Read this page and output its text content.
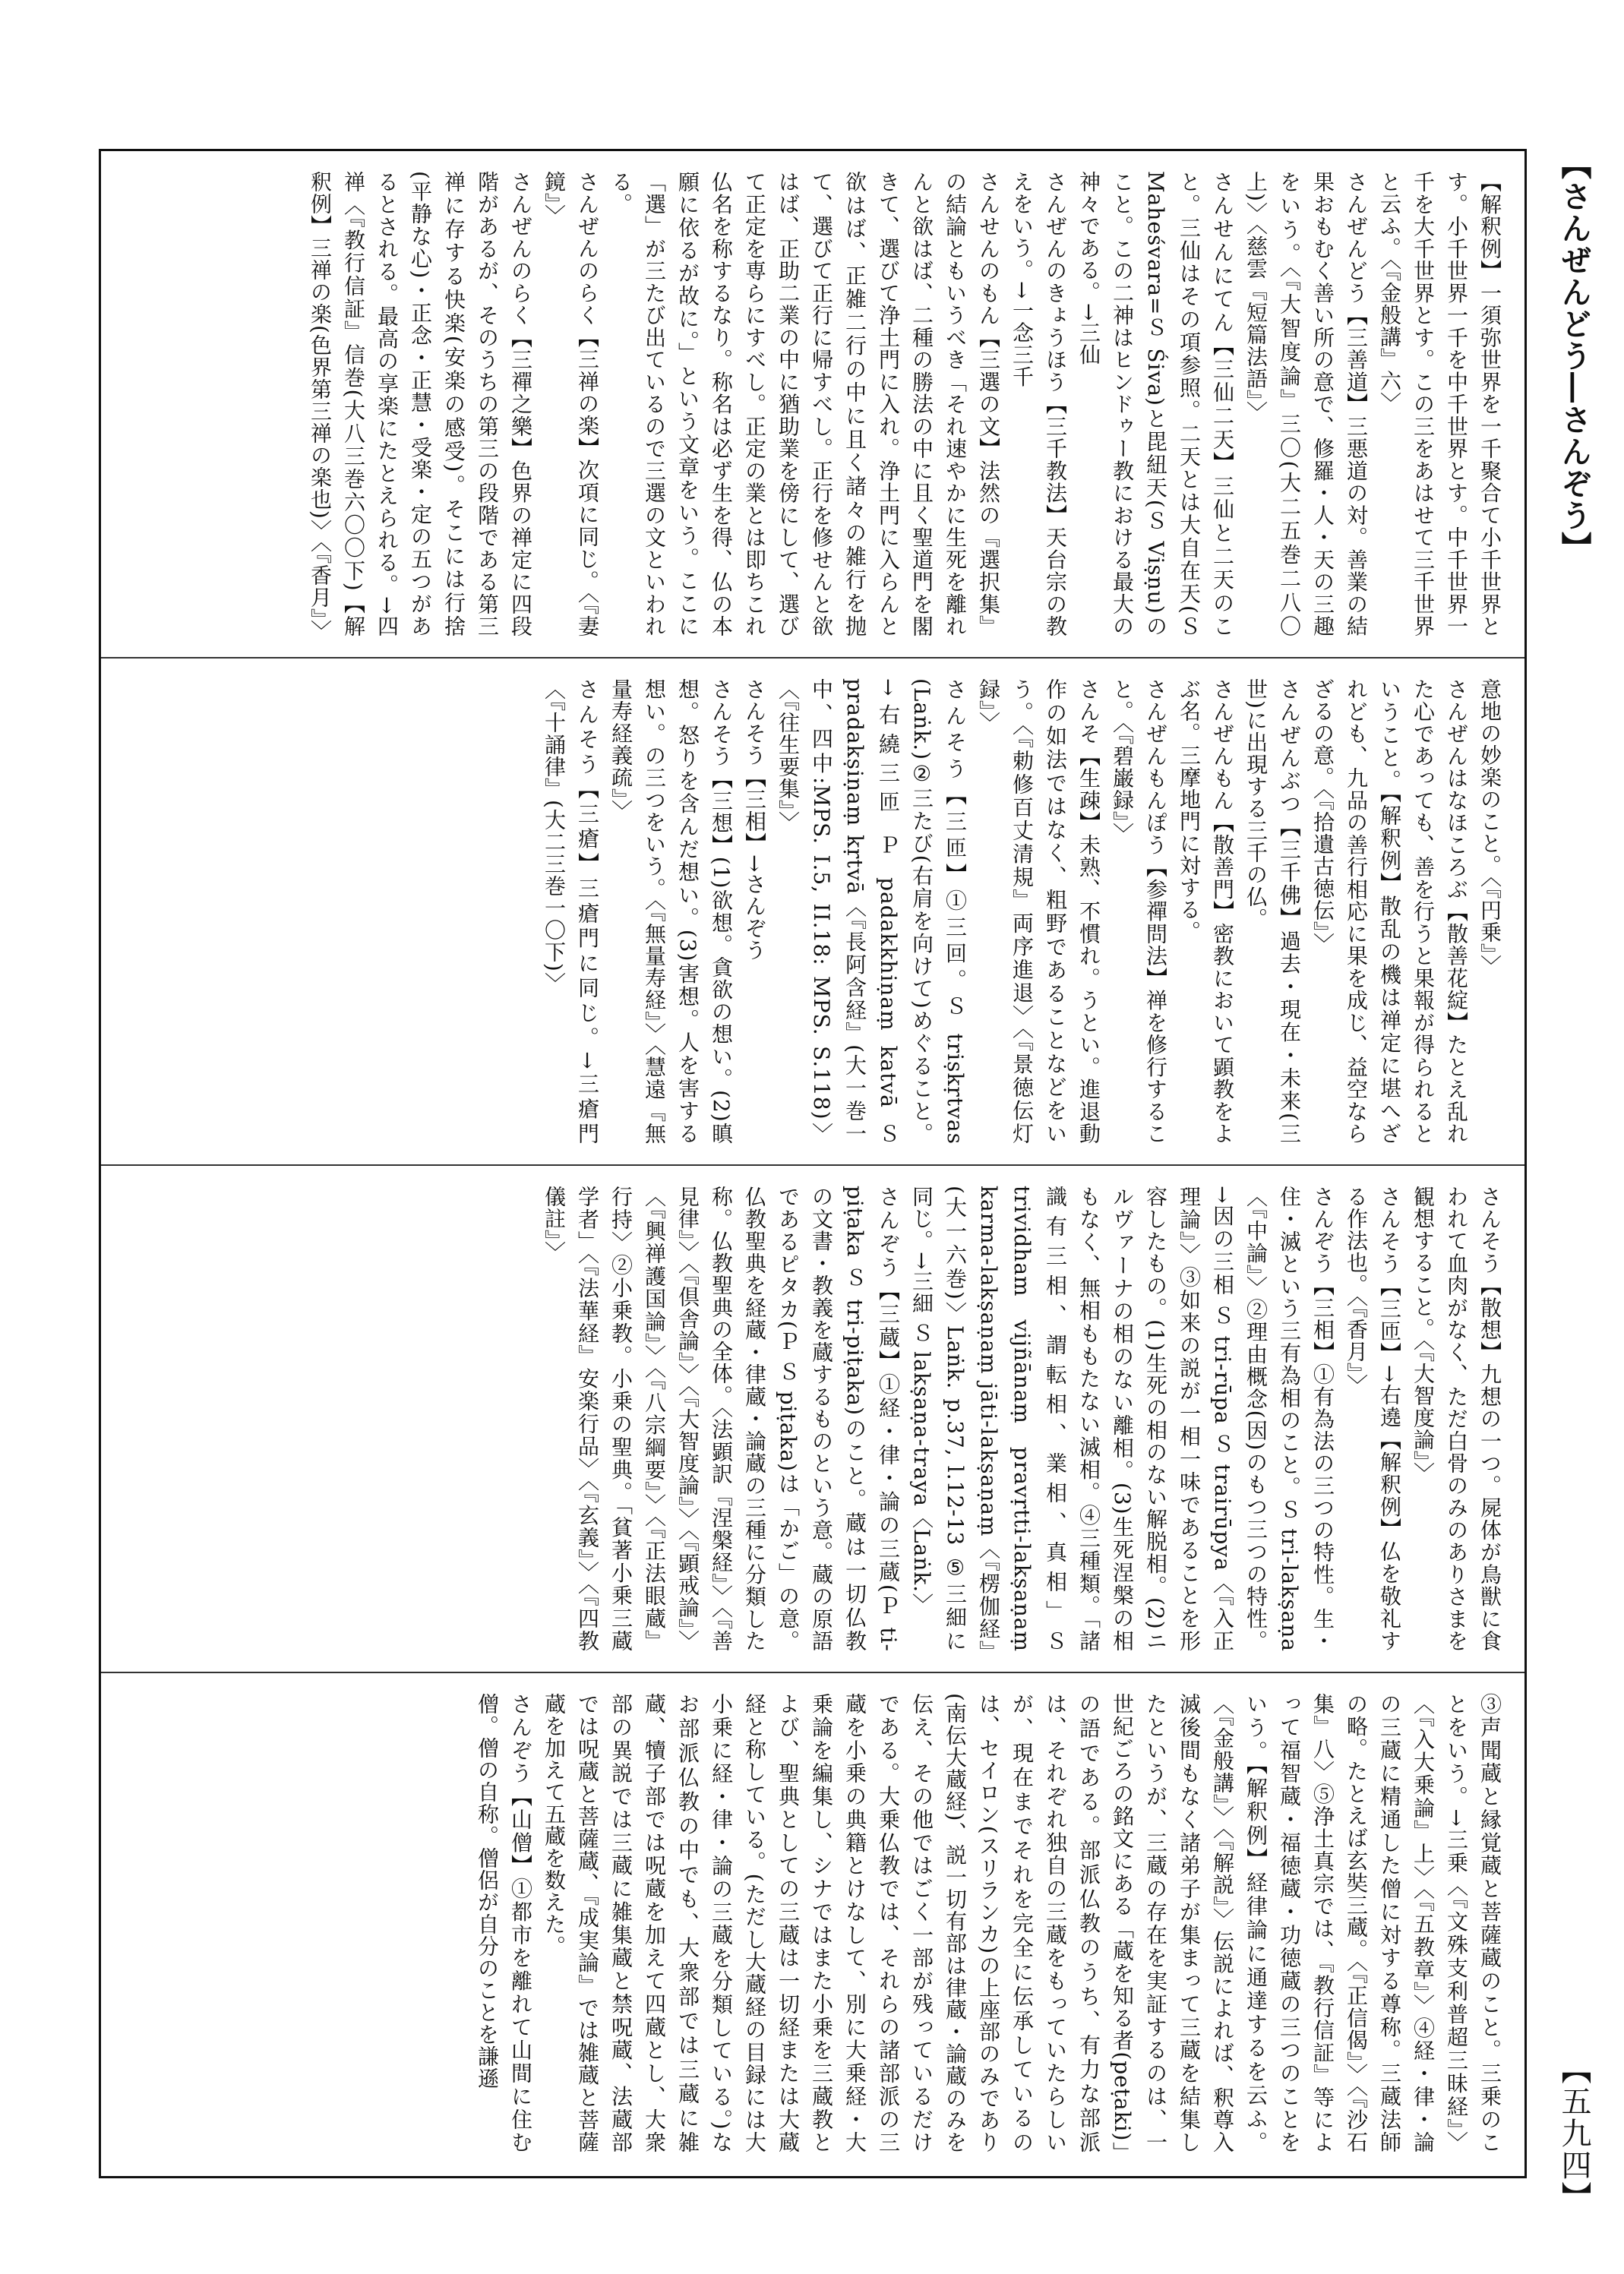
【さんぜんどう―さんぞう】
【解釈例】一須弥世界を一千聚合て小千世界とす。小千世界一千を中千世界とす。中千世界一千を大千世界とす。この三をあはせて三千世界と云ふ。〈『金般講』六〉
さんぜんどう【三善道】三悪道の対。善業の結果おもむく善い所の意で、修羅・人・天の三趣をいう。〈『大智度論』三〇(大二五巻二八〇上)〉〈慈雲『短篇法語』〉
さんせんにてん【三仙二天】三仙と二天のこと。三仙はその項参照。二天とは大自在天(Ｓ Maheśvara=Ｓ Śiva)と毘紐天(Ｓ Viṣṇu)のこと。この二神はヒンドゥー教における最大の神々である。→三仙
さんぜんのきょうほう【三千教法】天台宗の教えをいう。→一念三千
さんせんのもん【三選の文】法然の『選択集』の結論ともいうべき「それ速やかに生死を離れんと欲はば、二種の勝法の中に且く聖道門を閣きて、選びて浄土門に入れ。浄土門に入らんと欲はば、正雑二行の中に且く諸々の雑行を抛て、選びて正行に帰すべし。正行を修せんと欲はば、正助二業の中に猶助業を傍にして、選びて正定を専らにすべし。正定の業とは即ちこれ仏名を称するなり。称名は必ず生を得、仏の本願に依るが故に。」という文章をいう。ここに「選」が三たび出ているので三選の文といわれる。
さんぜんのらく【三禅の楽】次項に同じ。〈『妻鏡』〉
さんぜんのらく【三禪之樂】色界の禅定に四段階があるが、そのうちの第三の段階である第三禅に存する快楽(安楽の感受)。そこには行捨(平静な心)・正念・正慧・受楽・定の五つがあるとされる。最高の享楽にたとえられる。→四禅〈『教行信証』信巻(大八三巻六〇〇下)【解釈例】三禅の楽(色界第三禅の楽也)〉〈『香月』〉
意地の妙楽のこと。〈『円乗』〉
さんぜんはなほころぶ【散善花綻】たとえ乱れた心であっても、善を行うと果報が得られるということ。【解釈例】散乱の機は禅定に堪へざれども、九品の善行相応に果を成じ、益空ならざるの意。〈『拾遺古徳伝』〉
さんぜんぶつ【三千佛】過去・現在・未来(三世)に出現する三千の仏。
さんぜんもん【散善門】密教において顕教をよぶ名。三摩地門に対する。
さんぜんもんぽう【参禪問法】禅を修行すること。〈『碧巌録』〉
さんそ【生疎】未熟、不慣れ。うとい。進退動作の如法ではなく、粗野であることなどをいう。〈『勅修百丈清規』両序進退〉〈『景徳伝灯録』〉
さんそう【三匝】①三回。Ｓ triṣkṛtvas (Laṅk.)②三たび(右肩を向けて)めぐること。→右繞三匝 Ｐ padakkhiṇaṃ katvā Ｓ pradakṣiṇaṃ kṛtvā〈『長阿含経』(大一巻一中、四中:MPS. I.5, II.18: MPS. S.118)〉〈『往生要集』〉
さんそう【三相】→さんぞう
さんそう【三想】(1)欲想。貪欲の想い。(2)瞋想。怒りを含んだ想い。(3)害想。人を害する想い。の三つをいう。〈『無量寿経』〉〈慧遠『無量寿経義疏』〉
さんそう【三瘡】三瘡門に同じ。→三瘡門〈『十誦律』(大二三巻一〇下)〉
さんそう【散想】九想の一つ。屍体が鳥獣に食われて血肉がなく、ただ白骨のみのありさまを観想すること。〈『大智度論』〉
さんそう【三匝】→右遶【解釈例】仏を敬礼する作法也。〈『香月』〉
さんぞう【三相】①有為法の三つの特性。生・住・滅という三有為相のこと。Ｓ tri-lakṣaṇa〈『中論』〉②理由概念(因)のもつ三つの特性。→因の三相 Ｓ tri-rūpa Ｓ trairūpya〈『入正理論』〉③如来の説が一相一味であることを形容したもの。(1)生死の相のない解脱相。(2)ニルヴァーナの相のない離相。(3)生死涅槃の相もなく、無相ももたない滅相。④三種類。「諸識有三相、謂転相、業相、真相」Ｓ trividham vijñānaṃ pravṛtti-lakṣaṇaṃ karma-lakṣaṇaṃ jāti-lakṣaṇaṃ〈『楞伽経』(大一六巻)〉Laṅk. p.37, l.12-13 ⑤三細に同じ。→三細 Ｓ lakṣaṇa-traya〈Laṅk.〉
さんぞう【三蔵】①経・律・論の三蔵(Ｐ ti-piṭaka Ｓ tri-piṭaka)のこと。蔵は一切仏教の文書・教義を蔵するものという意。蔵の原語であるピタカ(Ｐ Ｓ piṭaka)は「かご」の意。仏教聖典を経蔵・律蔵・論蔵の三種に分類した称。仏教聖典の全体。〈法顕訳『涅槃経』〉〈『善見律』〉〈『倶舎論』〉〈『大智度論』〉〈『顕戒論』〉〈『興禅護国論』〉〈『八宗綱要』〉〈『正法眼蔵』行持〉②小乗教。小乗の聖典。「貧著小乗三蔵学者」〈『法華経』安楽行品〉〈『玄義』〉〈『四教儀註』〉
③声聞蔵と縁覚蔵と菩薩蔵のこと。三乗のことをいう。→三乗〈『文殊支利普超三昧経』〉〈『入大乗論』上〉〈『五教章』〉④経・律・論の三蔵に精通した僧に対する尊称。三蔵法師の略。たとえば玄奘三蔵。〈『正信偈』〉〈『沙石集』八〉⑤浄土真宗では、『教行信証』等によって福智蔵・福徳蔵・功徳蔵の三つのことをいう。【解釈例】経律論に通達するを云ふ。〈『金般講』〉〈『解説』〉伝説によれば、釈尊入滅後間もなく諸弟子が集まって三蔵を結集したというが、三蔵の存在を実証するのは、一世紀ごろの銘文にある「蔵を知る者(peṭaki)」の語である。部派仏教のうち、有力な部派は、それぞれ独自の三蔵をもっていたらしいが、現在までそれを完全に伝承しているのは、セイロン(スリランカ)の上座部のみであり(南伝大蔵経)、説一切有部は律蔵・論蔵のみを伝え、その他ではごく一部が残っているだけである。大乗仏教では、それらの諸部派の三蔵を小乗の典籍とけなして、別に大乗経・大乗論を編集し、シナではまた小乗を三蔵教とよび、聖典としての三蔵は一切経または大蔵経と称している。(ただし大蔵経の目録には大小乗に経・律・論の三蔵を分類している。)なお部派仏教の中でも、大衆部では三蔵に雑蔵、犢子部では呪蔵を加えて四蔵とし、大衆部の異説では三蔵に雑集蔵と禁呪蔵、法蔵部では呪蔵と菩薩蔵、『成実論』では雑蔵と菩薩蔵を加えて五蔵を数えた。
さんぞう【山僧】①都市を離れて山間に住む僧。僧の自称。僧侶が自分のことを謙遜
【五九四】
